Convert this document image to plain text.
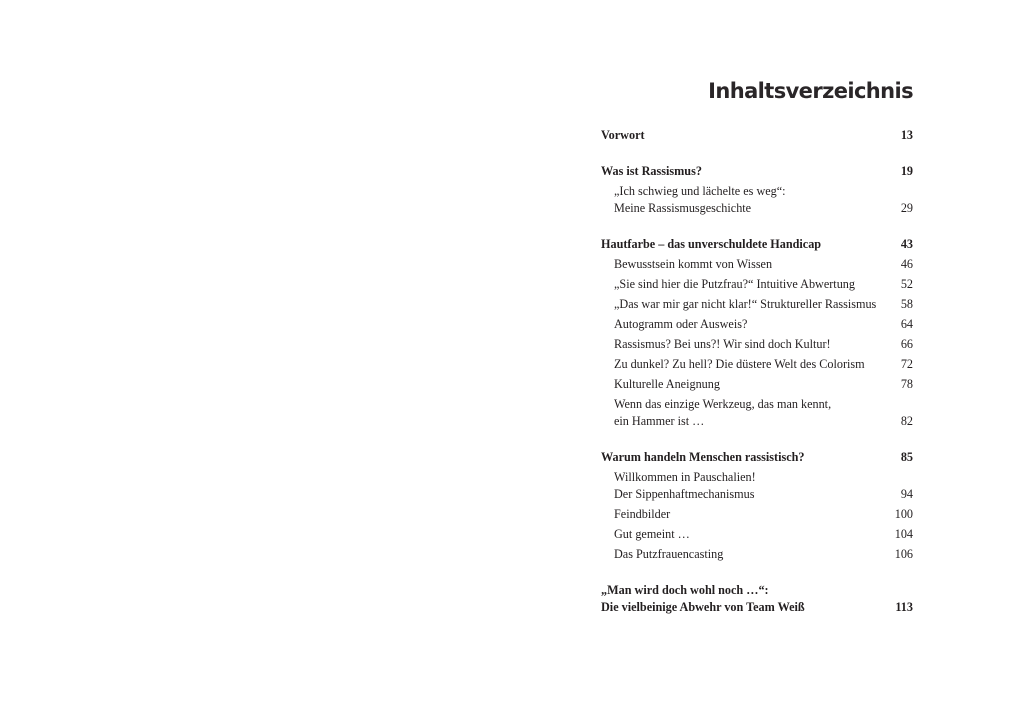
Inhaltsverzeichnis
Vorwort	13
Was ist Rassismus?	19
„Ich schwieg und lächelte es weg“:
Meine Rassismusgeschichte	29
Hautfarbe – das unverschuldete Handicap	43
Bewusstsein kommt von Wissen	46
„Sie sind hier die Putzfrau?“ Intuitive Abwertung	52
„Das war mir gar nicht klar!“ Struktureller Rassismus	58
Autogramm oder Ausweis?	64
Rassismus? Bei uns?! Wir sind doch Kultur!	66
Zu dunkel? Zu hell? Die düstere Welt des Colorism	72
Kulturelle Aneignung	78
Wenn das einzige Werkzeug, das man kennt,
ein Hammer ist …	82
Warum handeln Menschen rassistisch?	85
Willkommen in Pauschalien!
Der Sippenhaftmechanismus	94
Feindbilder	100
Gut gemeint …	104
Das Putzfrauencasting	106
„Man wird doch wohl noch …“:
Die vielbeinige Abwehr von Team Weiß	113
